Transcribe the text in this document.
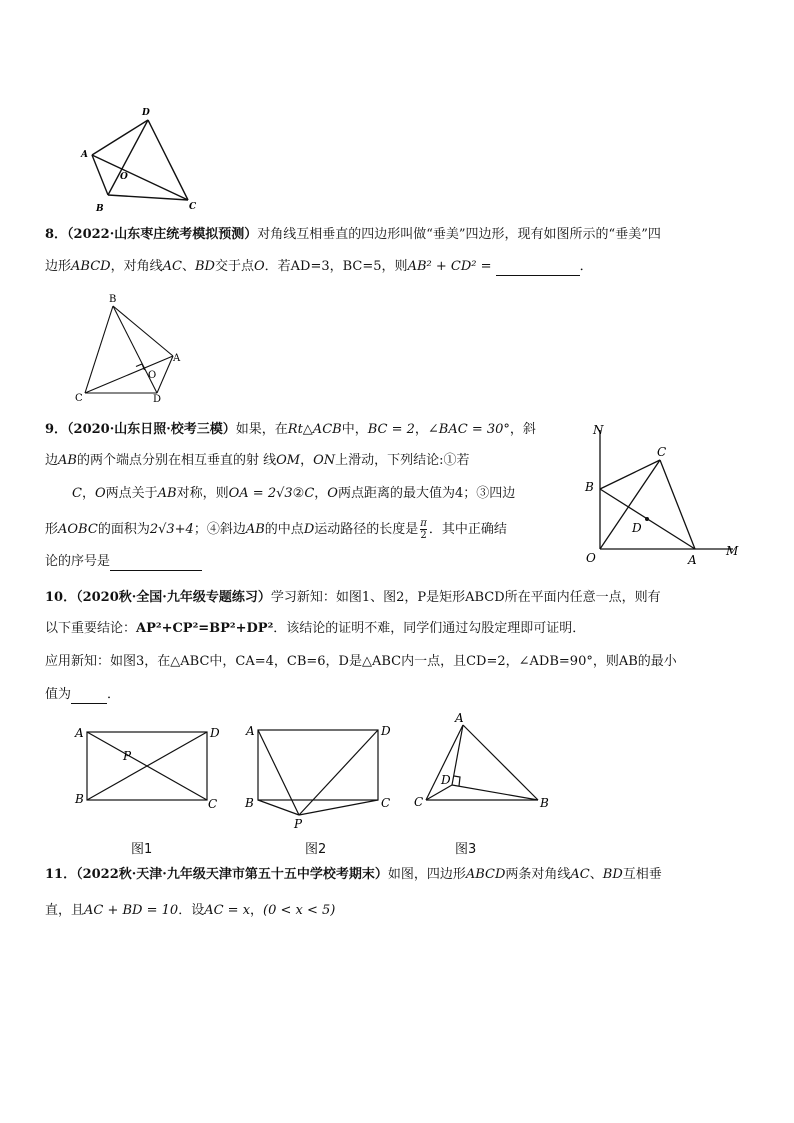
D
A
O
B	C
8．（2022·山东枣庄统考模拟预测）对角线互相垂直的四边形叫做“垂美”四边形，现有如图所示的“垂美”四
边形ABCD，对角线AC、BD交于点O．若AD=3，BC=5，则AB² + CD² =	．
B
A
O
C	D
9．（2020·山东日照·校考三模）如果，在Rt△ACB中，BC = 2，∠BAC = 30°，斜
边AB的两个端点分别在相互垂直的射 线OM，ON上滑动，下列结论:①若
C，O两点关于AB对称，则OA = 2√3②C，O两点距离的最大值为4；③四边
形AOBC的面积为2√3+4；④斜边AB的中点D运动路径的长度是 $\frac{\pi}{2}$ ．其中正确结
论的序号是
N
C
B
D
O	A
M
10．（2020秋·全国·九年级专题练习）学习新知：如图1、图2，P是矩形ABCD所在平面内任意一点，则有
以下重要结论：AP²+CP²=BP²+DP²．该结论的证明不难，同学们通过勾股定理即可证明．
应用新知：如图3，在△ABC中，CA=4，CB=6，D是△ABC内一点，且CD=2，∠ADB=90°，则AB的最小
值为	．
A	D
P
B	C
A	D
B	C
P
A
D
C	B
图1	图2	图3
11．（2022秋·天津·九年级天津市第五十五中学校考期末）如图，四边形ABCD两条对角线AC、BD互相垂
直，且AC + BD = 10．设AC = x，(0 < x < 5)
